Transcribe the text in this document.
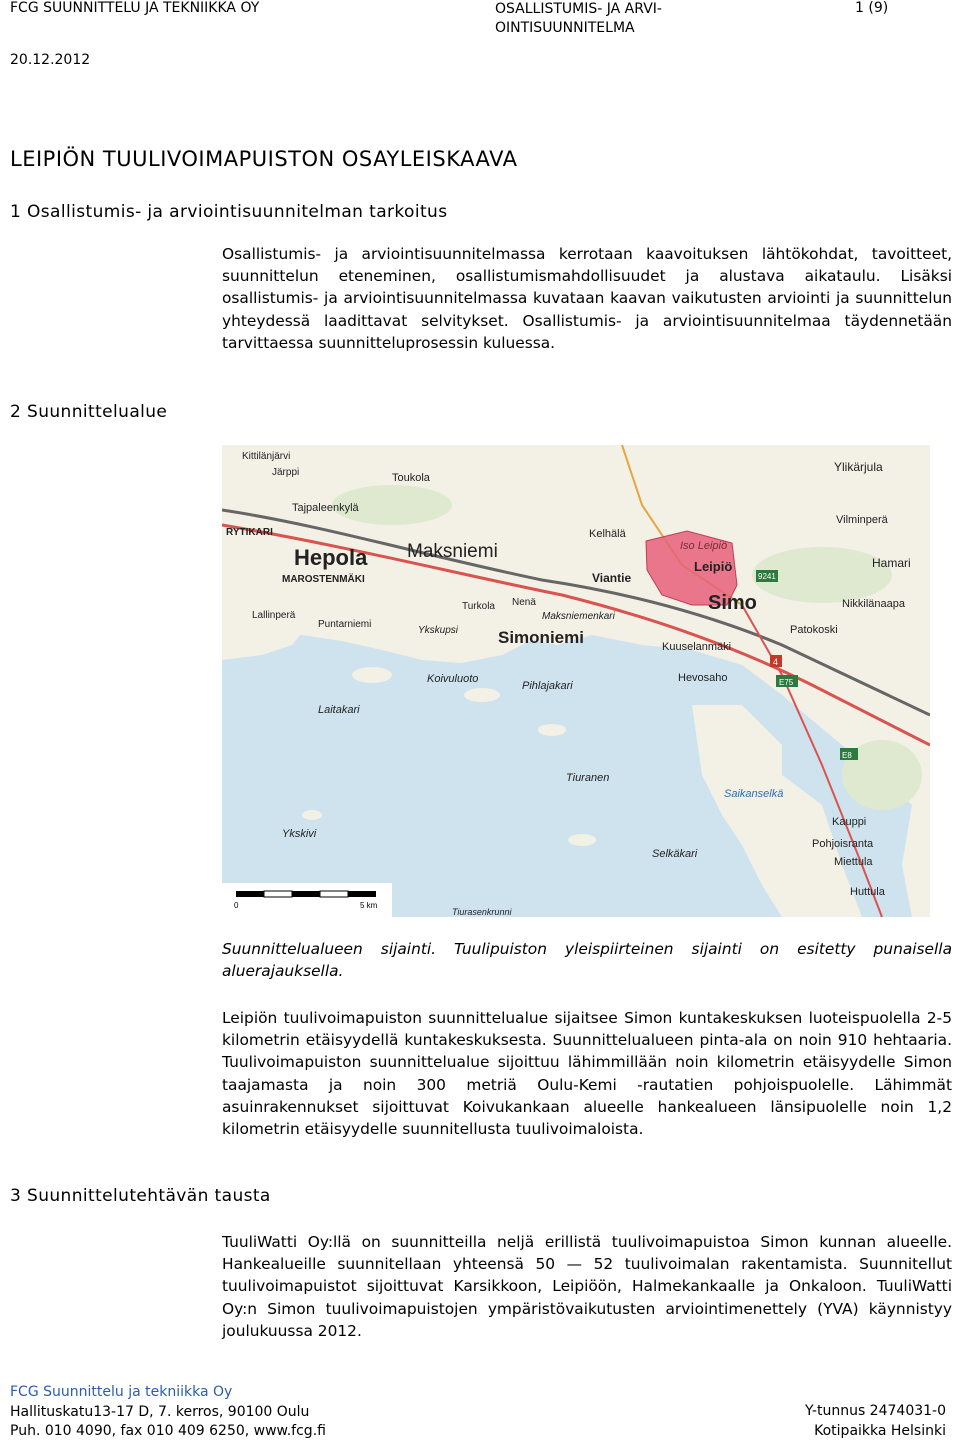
FCG SUUNNITTELU JA TEKNIIKKA OY	OSALLISTUMIS- JA ARVI-
OINTISUUNNITELMA
1 (9)
20.12.2012
LEIPIÖN TUULIVOIMAPUISTON OSAYLEISKAAVA
1 Osallistumis- ja arviointisuunnitelman tarkoitus
Osallistumis- ja arviointisuunnitelmassa kerrotaan kaavoituksen lähtökohdat, tavoitteet, suunnittelun eteneminen, osallistumismahdollisuudet ja alustava aikataulu. Lisäksi osallistumis- ja arviointisuunnitelmassa kuvataan kaavan vaikutusten arviointi ja suunnittelun yhteydessä laadittavat selvitykset. Osallistumis- ja arviointisuunnitelmaa täydennetään tarvittaessa suunnitteluprosessin kuluessa.
2 Suunnittelualue
Hepola Maksniemi
Simoniemi
Simo
Leipiö
Iso Leipiö
Kelhälä
Viantie
Ylikärjula
Vilminperä
Hamari
Patokoski
Nikkilänaapa
Kuuselanmäki
Hevosaho
Koivuluoto
Pihlajakari
Tiuranen
Saikanselkä
Kauppi
Pohjoisranta
Miettula
Huttula
Selkäkari
Ykskivi
Laitakari
Toukola
Tajpaleenkylä
Kittilänjärvi
Järppi
RYTIKARI
MAROSTENMÄKI
Lallinperä
Puntarniemi
Turkola Nenä
Ykskupsi
Maksniemenkari
9241
E75
E8
4
Tiurasenkrunni
0	5 km
Suunnittelualueen sijainti. Tuulipuiston yleispiirteinen sijainti on esitetty punaisella aluerajauksella.
Leipiön tuulivoimapuiston suunnittelualue sijaitsee Simon kuntakeskuksen luoteispuolella 2-5 kilometrin etäisyydellä kuntakeskuksesta. Suunnittelualueen pinta-ala on noin 910 hehtaaria. Tuulivoimapuiston suunnittelualue sijoittuu lähimmillään noin kilometrin etäisyydelle Simon taajamasta ja noin 300 metriä Oulu-Kemi -rautatien pohjoispuolelle. Lähimmät asuinrakennukset sijoittuvat Koivukankaan alueelle hankealueen länsipuolelle noin 1,2 kilometrin etäisyydelle suunnitellusta tuulivoimaloista.
3 Suunnittelutehtävän tausta
TuuliWatti Oy:llä on suunnitteilla neljä erillistä tuulivoimapuistoa Simon kunnan alueelle. Hankealueille suunnitellaan yhteensä 50 — 52 tuulivoimalan rakentamista. Suunnitellut tuulivoimapuistot sijoittuvat Karsikkoon, Leipiöön, Halmekankaalle ja Onkaloon. TuuliWatti Oy:n Simon tuulivoimapuistojen ympäristövaikutusten arviointimenettely (YVA) käynnistyy joulukuussa 2012.
FCG Suunnittelu ja tekniikka Oy
Hallituskatu13-17 D, 7. kerros, 90100 Oulu
Puh. 010 4090, fax 010 409 6250, www.fcg.fi
Y-tunnus 2474031-0
Kotipaikka Helsinki
